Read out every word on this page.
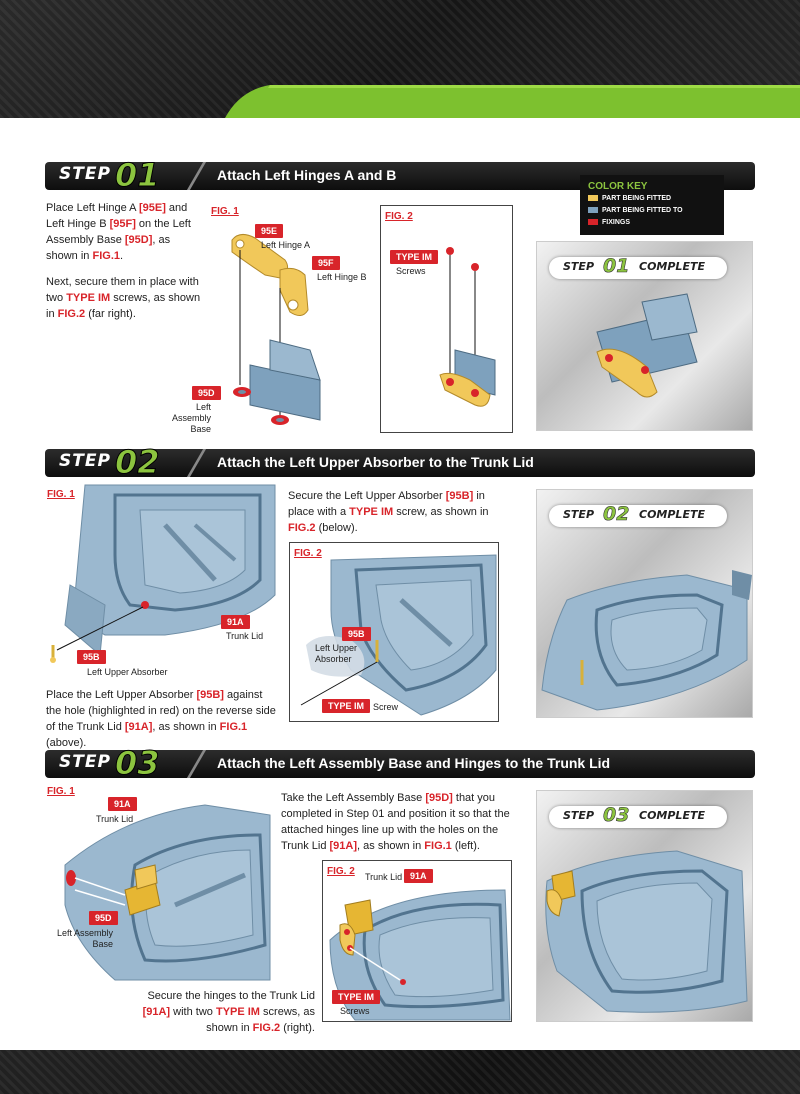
STEP 01	Attach Left Hinges A and B
COLOR KEY
PART BEING FITTED
PART BEING FITTED TO
FIXINGS
Place Left Hinge A [95E] and Left Hinge B [95F] on the Left Assembly Base [95D], as shown in FIG.1.
Next, secure them in place with two TYPE IM screws, as shown in FIG.2 (far right).
FIG. 1
95E
Left Hinge A
95F
Left Hinge B
95D
Left Assembly
Base
FIG. 2
TYPE IM
Screws	STEP 01 COMPLETE
STEP 02	Attach the Left Upper Absorber to the Trunk Lid
FIG. 1
91A
Trunk Lid
95B
Left Upper Absorber
Place the Left Upper Absorber [95B] against the hole (highlighted in red) on the reverse side of the Trunk Lid [91A], as shown in FIG.1 (above).
Secure the Left Upper Absorber [95B] in place with a TYPE IM screw, as shown in FIG.2 (below).
FIG. 2
95B
Left Upper
Absorber
TYPE IM Screw
STEP 02 COMPLETE
STEP 03	Attach the Left Assembly Base and Hinges to the Trunk Lid
FIG. 1
91A
Trunk Lid
95D
Left Assembly
Base
Take the Left Assembly Base [95D] that you completed in Step 01 and position it so that the attached hinges line up with the holes on the Trunk Lid [91A], as shown in FIG.1 (left).
FIG. 2 Trunk Lid 91A
TYPE IM
Screws
Secure the hinges to the Trunk Lid [91A] with two TYPE IM screws, as shown in FIG.2 (right).
STEP 03 COMPLETE
